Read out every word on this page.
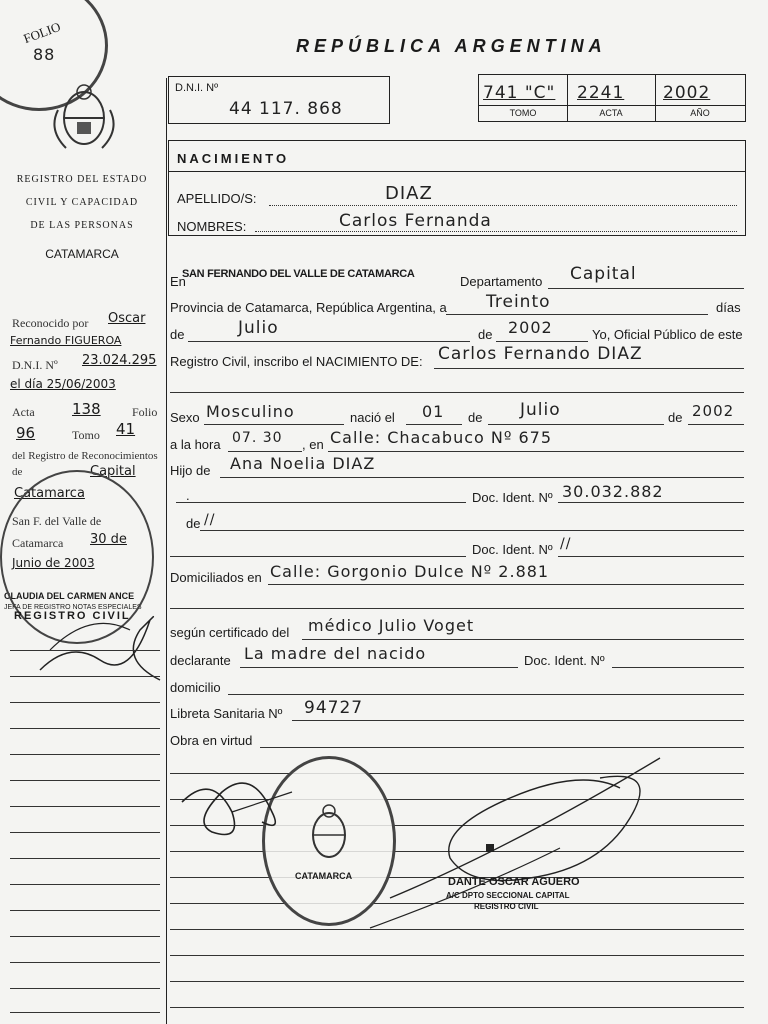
FOLIO
88
REGISTRO DEL ESTADO
CIVIL Y CAPACIDAD
DE LAS PERSONAS
CATAMARCA
Reconocido por Oscar
Fernando FIGUEROA
D.N.I. Nº 23.024.295
el día 25/06/2003
Acta 138	Folio
96	Tomo 41
del Registro de Reconocimientos de	Capital
Catamarca
San F. del Valle de
Catamarca 30 de
Junio de 2003
CLAUDIA DEL CARMEN ANCE
JEFA DE REGISTRO NOTAS ESPECIALES
REGISTRO CIVIL
REPÚBLICA ARGENTINA
D.N.I. Nº
44 117. 868
741 "C" 2241 2002
TOMO	ACTA	AÑO
NACIMIENTO
APELLIDO/S:	DIAZ
NOMBRES:	Carlos Fernanda
En
SAN FERNANDO DEL VALLE DE CATAMARCA	Departamento Capital
Provincia de Catamarca, República Argentina, a Treinto	días
de	Julio	de 2002	Yo, Oficial Público de este
Registro Civil, inscribo el NACIMIENTO DE: Carlos Fernando DIAZ
Sexo Mosculino	nació el 01 de Julio	de 2002
a la hora 07. 30 , en Calle: Chacabuco Nº 675
Hijo de Ana Noelia DIAZ
.	Doc. Ident. Nº 30.032.882
de //
Doc. Ident. Nº //
Domiciliados en Calle: Gorgonio Dulce Nº 2.881
según certificado del médico Julio Voget
declarante La madre del nacido	Doc. Ident. Nº
domicilio
Libreta Sanitaria Nº 94727
Obra en virtud
CATAMARCA	DANTE OSCAR AGUERO
A/C DPTO SECCIONAL CAPITAL
REGISTRO CIVIL
